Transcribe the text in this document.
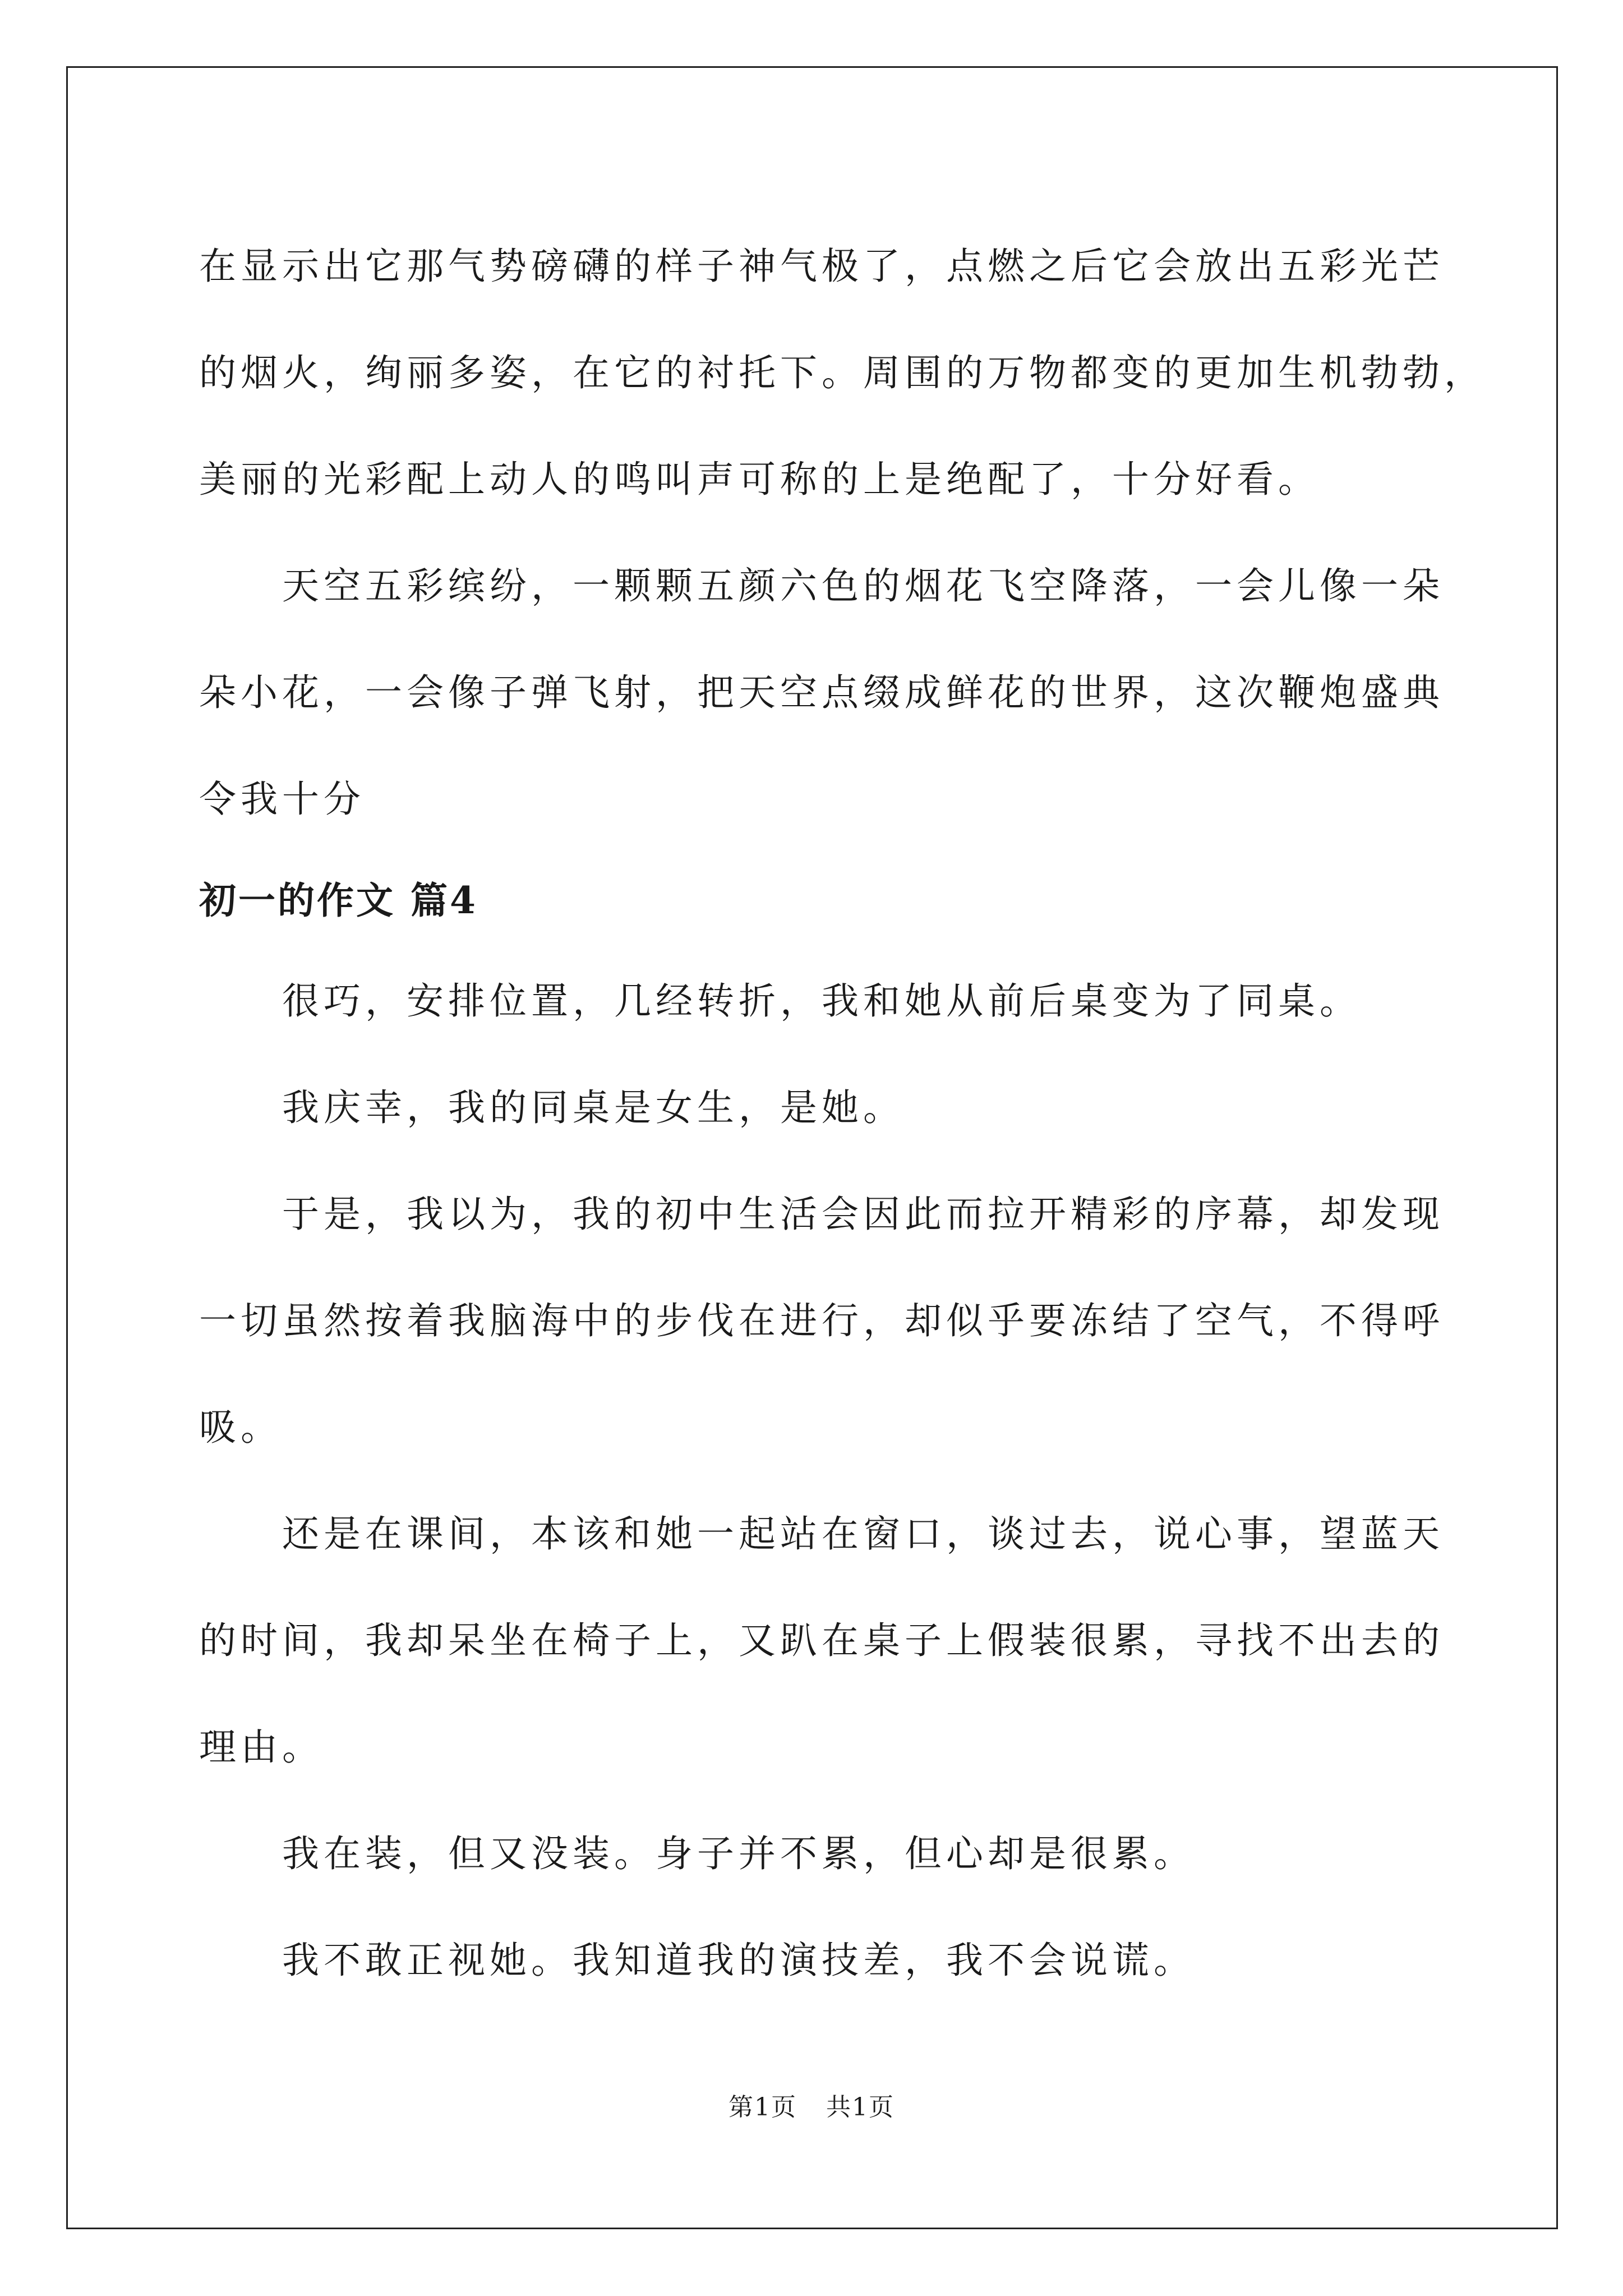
在显示出它那气势磅礴的样子神气极了，点燃之后它会放出五彩光芒
的烟火，绚丽多姿，在它的衬托下。周围的万物都变的更加生机勃勃，
美丽的光彩配上动人的鸣叫声可称的上是绝配了，十分好看。

天空五彩缤纷，一颗颗五颜六色的烟花飞空降落，一会儿像一朵
朵小花，一会像子弹飞射，把天空点缀成鲜花的世界，这次鞭炮盛典
令我十分

初一的作文 篇4

很巧，安排位置，几经转折，我和她从前后桌变为了同桌。

我庆幸，我的同桌是女生，是她。

于是，我以为，我的初中生活会因此而拉开精彩的序幕，却发现
一切虽然按着我脑海中的步伐在进行，却似乎要冻结了空气，不得呼
吸。

还是在课间，本该和她一起站在窗口，谈过去，说心事，望蓝天
的时间，我却呆坐在椅子上，又趴在桌子上假装很累，寻找不出去的
理由。

我在装，但又没装。身子并不累，但心却是很累。

我不敢正视她。我知道我的演技差，我不会说谎。

第1页 共1页
